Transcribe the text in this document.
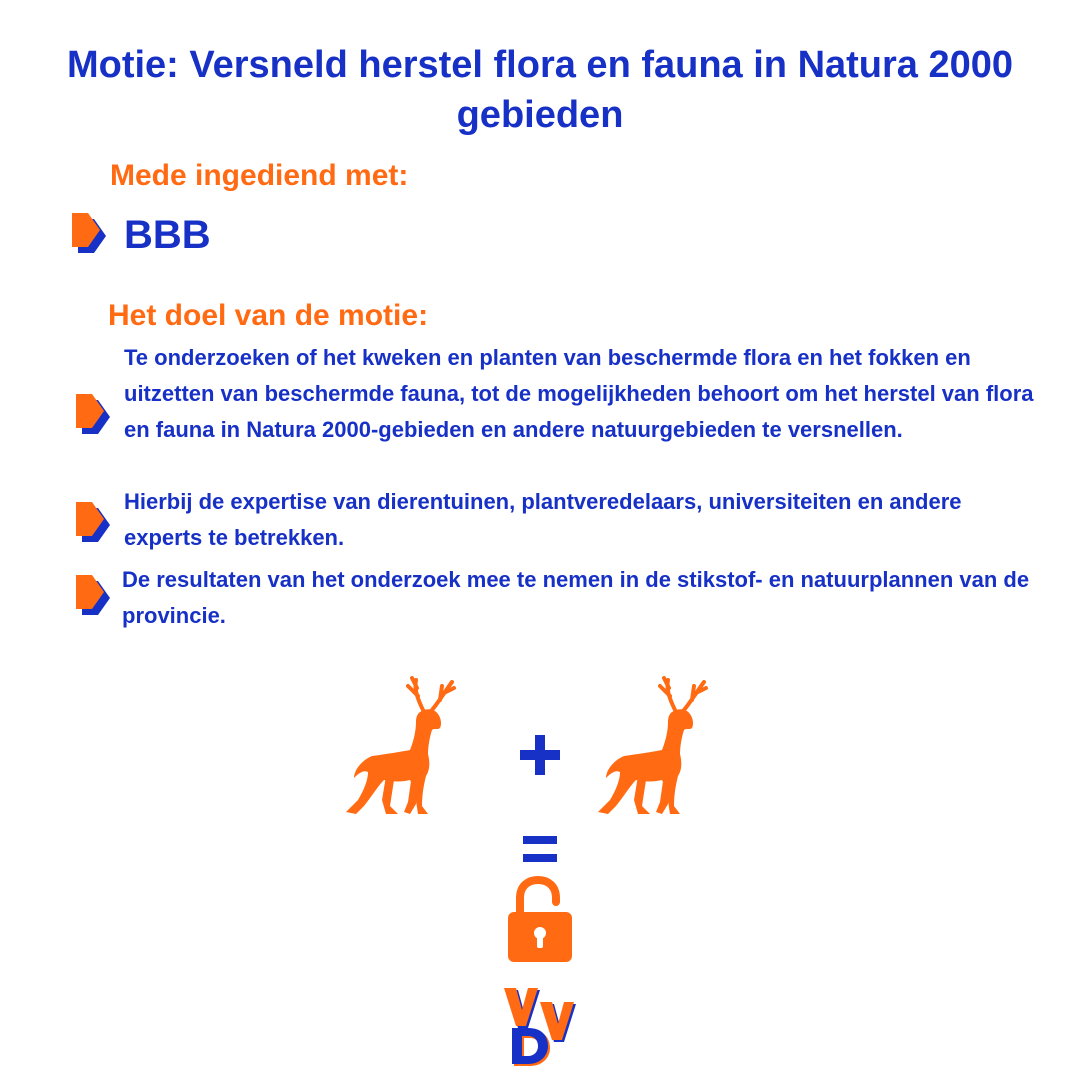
Motie: Versneld herstel flora en fauna in Natura 2000 gebieden
Mede ingediend met:
BBB
Het doel van de motie:
Te onderzoeken of het kweken en planten van beschermde flora en het fokken en uitzetten van beschermde fauna, tot de mogelijkheden behoort om het herstel van flora en fauna in Natura 2000-gebieden en andere natuurgebieden te versnellen.
Hierbij de expertise van dierentuinen, plantveredelaars, universiteiten en andere experts te betrekken.
De resultaten van het onderzoek mee te nemen in de stikstof- en natuurplannen van de provincie.
